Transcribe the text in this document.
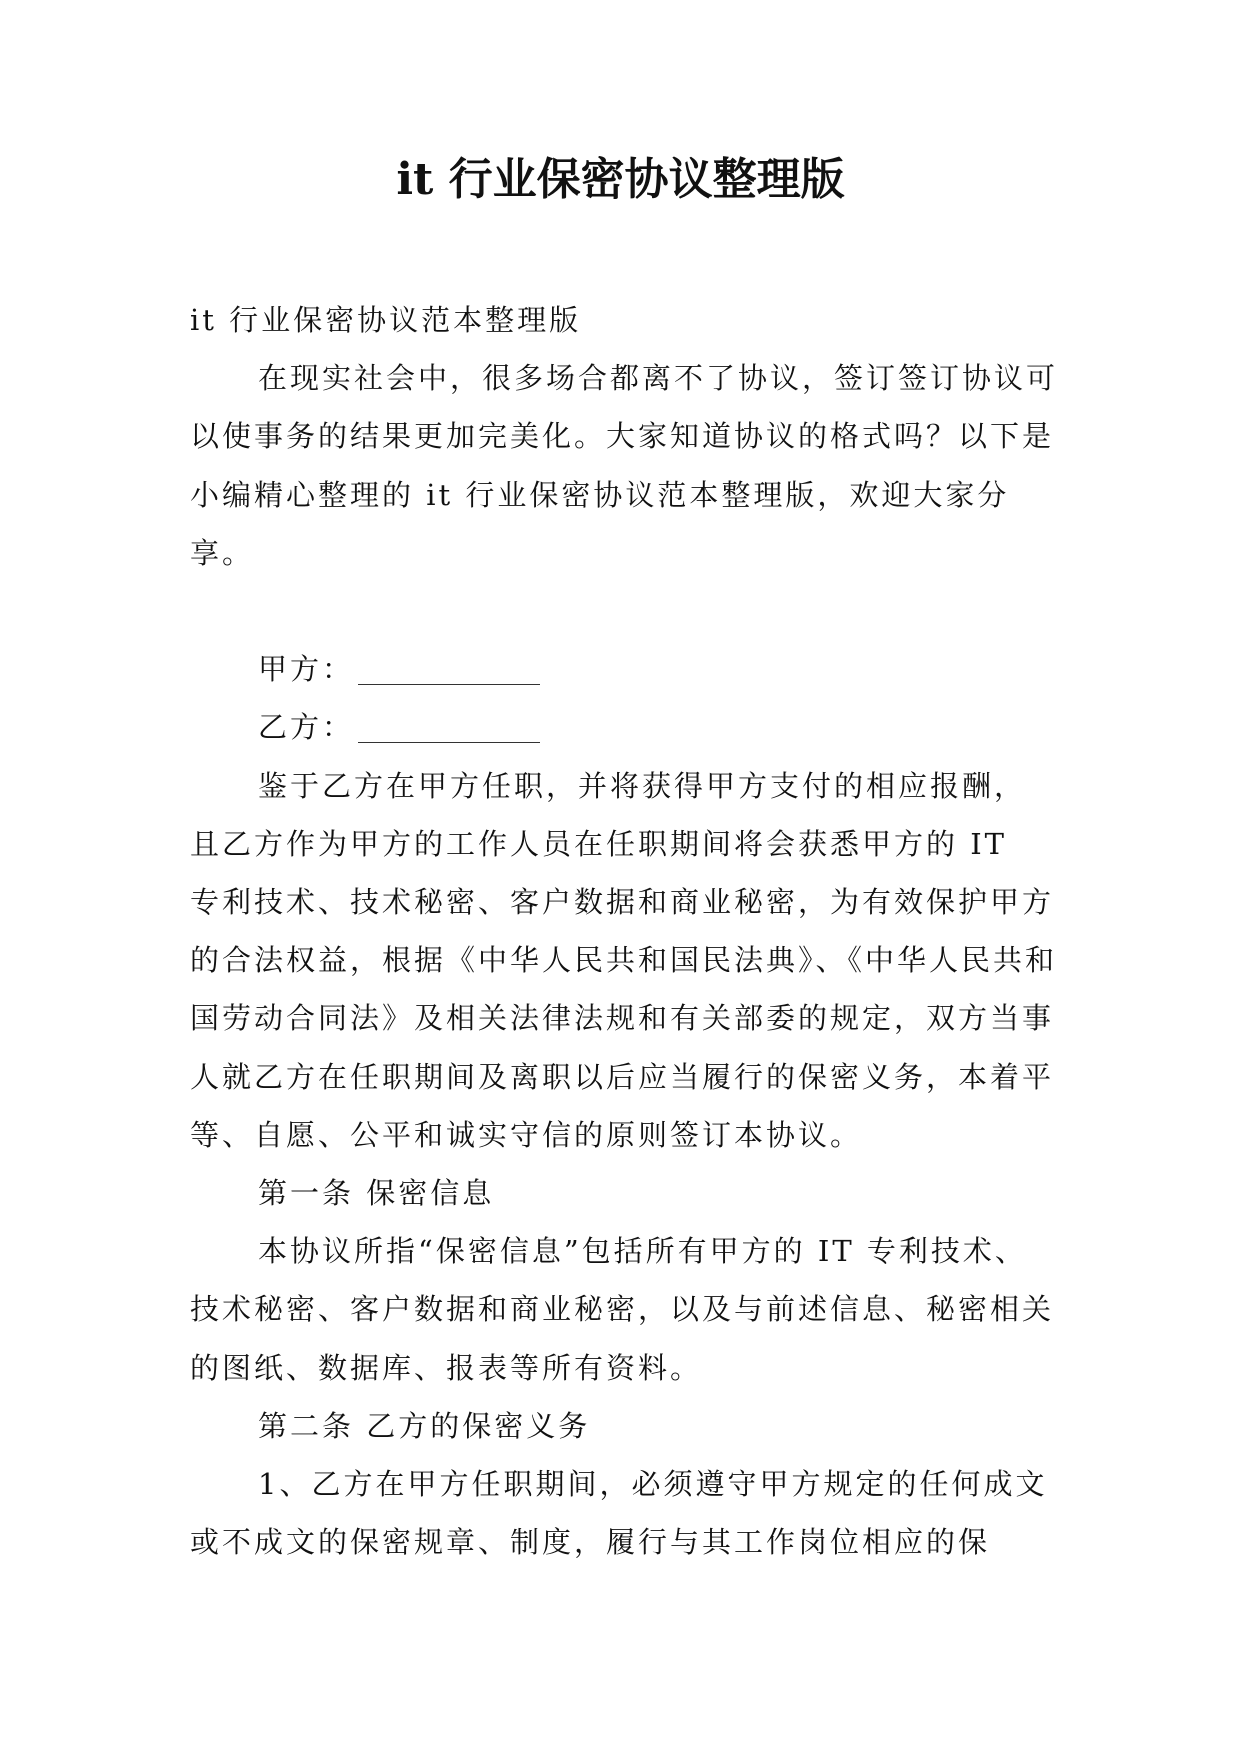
it 行业保密协议整理版

it 行业保密协议范本整理版

在现实社会中，很多场合都离不了协议，签订签订协议可以使事务的结果更加完美化。大家知道协议的格式吗？以下是小编精心整理的 it 行业保密协议范本整理版，欢迎大家分享。

甲方：

乙方：

鉴于乙方在甲方任职，并将获得甲方支付的相应报酬，
且乙方作为甲方的工作人员在任职期间将会获悉甲方的 IT
专利技术、技术秘密、客户数据和商业秘密，为有效保护甲方的合法权益，根据《中华人民共和国民法典》、《中华人民共和国劳动合同法》及相关法律法规和有关部委的规定，双方当事人就乙方在任职期间及离职以后应当履行的保密义务，本着平等、自愿、公平和诚实守信的原则签订本协议。

第一条 保密信息

本协议所指“保密信息”包括所有甲方的 IT 专利技术、技术秘密、客户数据和商业秘密，以及与前述信息、秘密相关的图纸、数据库、报表等所有资料。

第二条 乙方的保密义务

1、乙方在甲方任职期间，必须遵守甲方规定的任何成文或不成文的保密规章、制度，履行与其工作岗位相应的保
